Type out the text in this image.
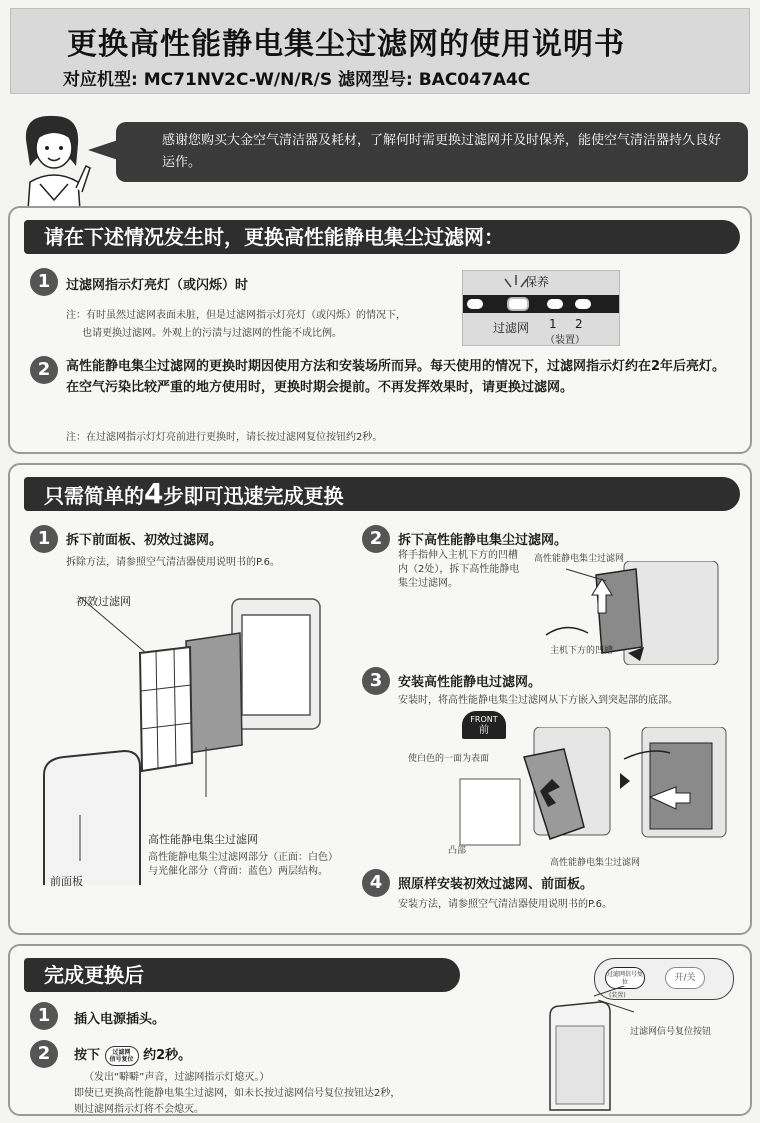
更换高性能静电集尘过滤网的使用说明书
对应机型: MC71NV2C-W/N/R/S 滤网型号: BAC047A4C
感谢您购买大金空气清洁器及耗材，了解何时需更换过滤网并及时保养，能使空气清洁器持久良好运作。
请在下述情况发生时，更换高性能静电集尘过滤网：
1	过滤网指示灯亮灯（或闪烁）时
注：有时虽然过滤网表面未脏，但是过滤网指示灯亮灯（或闪烁）的情况下，
也请更换过滤网。外观上的污渍与过滤网的性能不成比例。
保养
过滤网 1 2
（装置）
2	高性能静电集尘过滤网的更换时期因使用方法和安装场所而异。每天使用的情况下，过滤网指示灯约在2年后亮灯。在空气污染比较严重的地方使用时，更换时期会提前。不再发挥效果时，请更换过滤网。
注：在过滤网指示灯灯亮前进行更换时，请长按过滤网复位按钮约2秒。
只需简单的4步即可迅速完成更换
1	拆下前面板、初效过滤网。
拆除方法，请参照空气清洁器使用说明书的P.6。
初效过滤网
高性能静电集尘过滤网
高性能静电集尘过滤网部分（正面：白色）与光催化部分（背面：蓝色）两层结构。
前面板
2	拆下高性能静电集尘过滤网。
将手指伸入主机下方的凹槽内（2处），拆下高性能静电集尘过滤网。
高性能静电集尘过滤网
主机下方的凹槽
3	安装高性能静电过滤网。
安装时，将高性能静电集尘过滤网从下方嵌入到突起部的底部。
FRONT
前
使白色的一面为表面
凸部
高性能静电集尘过滤网
4	照原样安装初效过滤网、前面板。
安装方法，请参照空气清洁器使用说明书的P.6。
完成更换后
1	插入电源插头。
2	按下 过滤网
信号复位 约2秒。
（发出“噼噼”声音，过滤网指示灯熄灭。）
即使已更换高性能静电集尘过滤网，如未长按过滤网信号复位按钮达2秒，
则过滤网指示灯将不会熄灭。
过滤网信号复位	开/关
(装置)
过滤网信号复位按钮
